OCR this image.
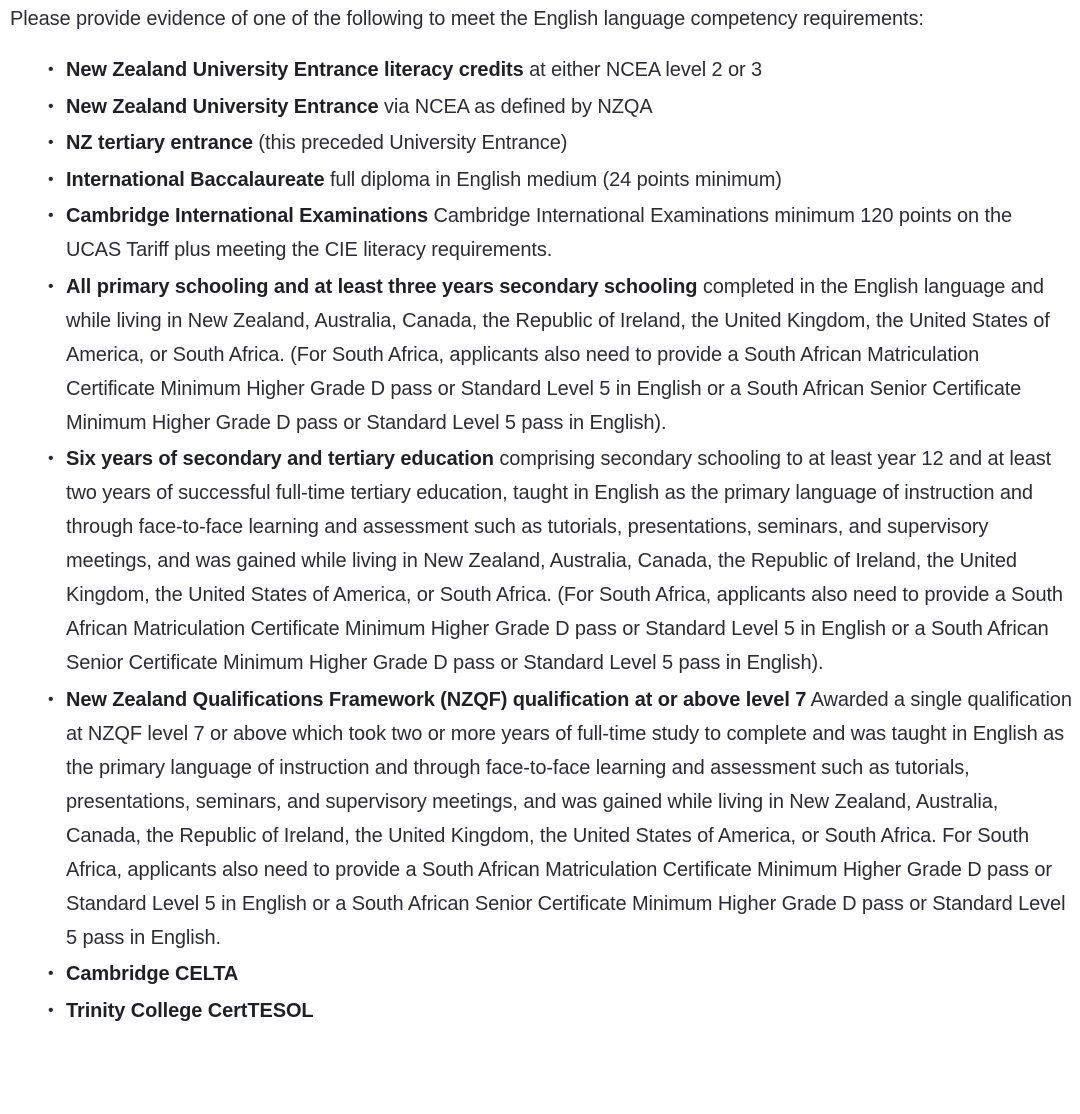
Please provide evidence of one of the following to meet the English language competency requirements:

• New Zealand University Entrance literacy credits at either NCEA level 2 or 3
• New Zealand University Entrance via NCEA as defined by NZQA
• NZ tertiary entrance (this preceded University Entrance)
• International Baccalaureate full diploma in English medium (24 points minimum)
• Cambridge International Examinations Cambridge International Examinations minimum 120 points on the UCAS Tariff plus meeting the CIE literacy requirements.
• All primary schooling and at least three years secondary schooling completed in the English language and while living in New Zealand, Australia, Canada, the Republic of Ireland, the United Kingdom, the United States of America, or South Africa. (For South Africa, applicants also need to provide a South African Matriculation Certificate Minimum Higher Grade D pass or Standard Level 5 in English or a South African Senior Certificate Minimum Higher Grade D pass or Standard Level 5 pass in English).
• Six years of secondary and tertiary education comprising secondary schooling to at least year 12 and at least two years of successful full-time tertiary education, taught in English as the primary language of instruction and through face-to-face learning and assessment such as tutorials, presentations, seminars, and supervisory meetings, and was gained while living in New Zealand, Australia, Canada, the Republic of Ireland, the United Kingdom, the United States of America, or South Africa. (For South Africa, applicants also need to provide a South African Matriculation Certificate Minimum Higher Grade D pass or Standard Level 5 in English or a South African Senior Certificate Minimum Higher Grade D pass or Standard Level 5 pass in English).
• New Zealand Qualifications Framework (NZQF) qualification at or above level 7 Awarded a single qualification at NZQF level 7 or above which took two or more years of full-time study to complete and was taught in English as the primary language of instruction and through face-to-face learning and assessment such as tutorials, presentations, seminars, and supervisory meetings, and was gained while living in New Zealand, Australia, Canada, the Republic of Ireland, the United Kingdom, the United States of America, or South Africa. For South Africa, applicants also need to provide a South African Matriculation Certificate Minimum Higher Grade D pass or Standard Level 5 in English or a South African Senior Certificate Minimum Higher Grade D pass or Standard Level 5 pass in English.
• Cambridge CELTA
• Trinity College CertTESOL
